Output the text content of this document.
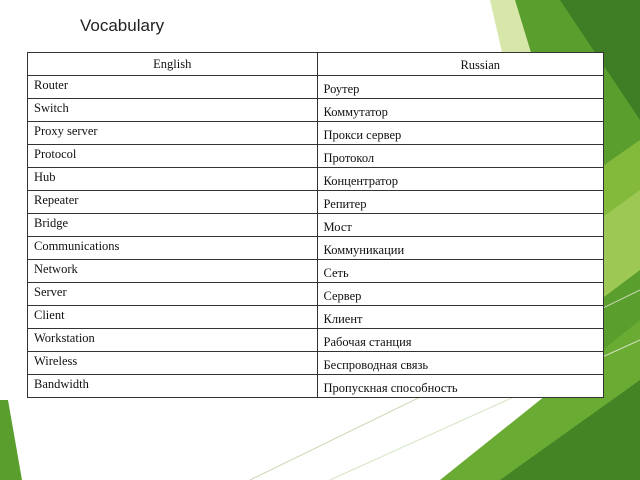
Vocabulary
English	Russian

Router	Роутер

Switch	Коммутатор

Proxy server	Прокси сервер

Protocol	Протокол

Hub	Концентратор

Repeater	Репитер

Bridge	Мост

Communications	Коммуникации

Network	Сеть

Server	Сервер

Client	Клиент

Workstation	Рабочая станция

Wireless	Беспроводная связь

Bandwidth	Пропускная способность
